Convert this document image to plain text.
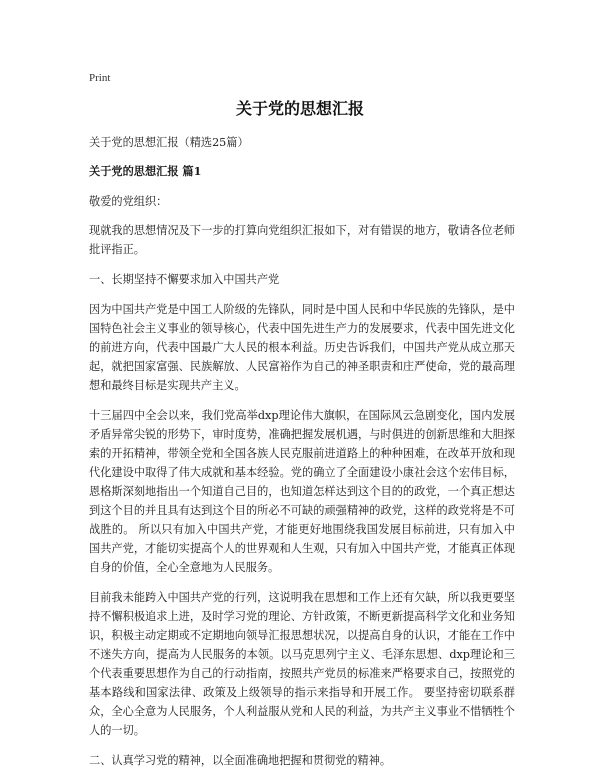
Print
关于党的思想汇报

关于党的思想汇报（精选25篇）

关于党的思想汇报 篇1

敬爱的党组织：

现就我的思想情况及下一步的打算向党组织汇报如下，对有错误的地方，敬请各位老师批评指正。

一、长期坚持不懈要求加入中国共产党

因为中国共产党是中国工人阶级的先锋队，同时是中国人民和中华民族的先锋队，是中国特色社会主义事业的领导核心，代表中国先进生产力的发展要求，代表中国先进文化的前进方向，代表中国最广大人民的根本利益。历史告诉我们，中国共产党从成立那天起，就把国家富强、民族解放、人民富裕作为自己的神圣职责和庄严使命，党的最高理想和最终目标是实现共产主义。

十三届四中全会以来，我们党高举dxp理论伟大旗帜，在国际风云急剧变化，国内发展矛盾异常尖锐的形势下，审时度势，准确把握发展机遇，与时俱进的创新思维和大胆探索的开拓精神，带领全党和全国各族人民克服前进道路上的种种困难，在改革开放和现代化建设中取得了伟大成就和基本经验。党的确立了全面建设小康社会这个宏伟目标，恩格斯深刻地指出一个知道自己目的，也知道怎样达到这个目的的政党，一个真正想达到这个目的并且具有达到这个目的所必不可缺的顽强精神的政党，这样的政党将是不可战胜的。 所以只有加入中国共产党，才能更好地围绕我国发展目标前进，只有加入中国共产党，才能切实提高个人的世界观和人生观，只有加入中国共产党，才能真正体现自身的价值，全心全意地为人民服务。

目前我未能跨入中国共产党的行列，这说明我在思想和工作上还有欠缺，所以我更要坚持不懈积极追求上进，及时学习党的理论、方针政策，不断更新提高科学文化和业务知识，积极主动定期或不定期地向领导汇报思想状况，以提高自身的认识，才能在工作中不迷失方向，提高为人民服务的本领。以马克思列宁主义、毛泽东思想、dxp理论和三个代表重要思想作为自己的行动指南，按照共产党员的标准来严格要求自己，按照党的基本路线和国家法律、政策及上级领导的指示来指导和开展工作。 要坚持密切联系群众，全心全意为人民服务，个人利益服从党和人民的利益，为共产主义事业不惜牺牲个人的一切。

二、认真学习党的精神，以全面准确地把握和贯彻党的精神。
